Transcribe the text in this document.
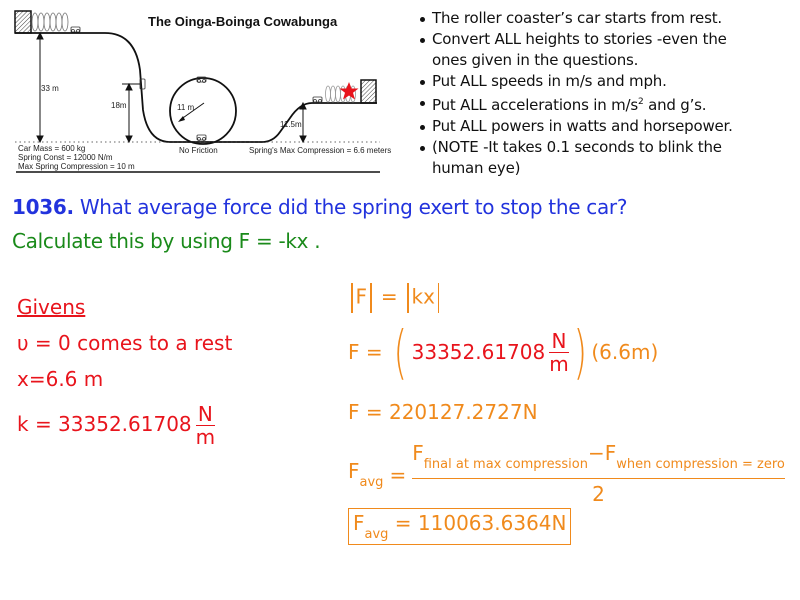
The Oinga-Boinga Cowabunga
33 m
18m	11 m
11.5m
No Friction
Car Mass = 600 kg
Spring Const = 12000 N/m
Max Spring Compression = 10 m
Spring's Max Compression = 6.6 meters
The roller coaster’s car starts from rest.
Convert ALL heights to stories -even the
ones given in the questions.
Put ALL speeds in m/s and mph.
Put ALL accelerations in $m/s^2$ and g’s.
Put ALL powers in watts and horsepower.
(NOTE -It takes 0.1 seconds to blink the
human eye)
1036. What average force did the spring exert to stop the car?
Calculate this by using F = -kx .
Givens
υ = 0 comes to a rest
x=6.6 m
$k = 33352.61708 \frac{N}{m}$
F = kx
F = ( $33352.61708 \frac{N}{m}$ ) (6.6m)
F = 220127.2727N
$F_{avg} = \frac{F_{final at max compression}-F_{when compression = zero}}{2}$
$F_{avg} = 110063.6364N$
